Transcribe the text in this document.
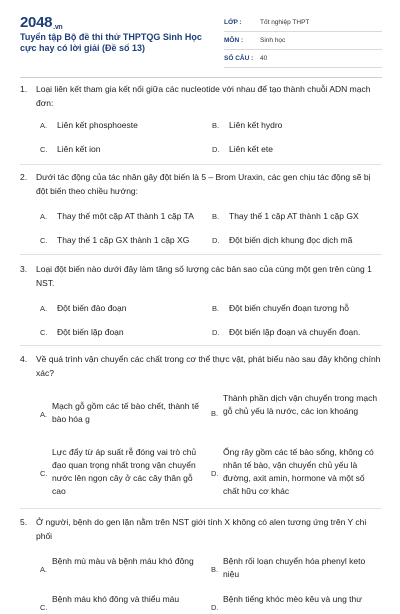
2048.vn
Tuyển tập Bộ đề thi thử THPTQG Sinh Học cực hay có lời giải (Đề số 13)
LỚP :	Tốt nghiệp THPT
MÔN :	Sinh học
SỐ CÂU : 40
1.	Loại liên kết tham gia kết nối giữa các nucleotide với nhau để tạo thành chuỗi ADN mạch đơn:
A. Liên kết phosphoeste	B. Liên kết hydro
C. Liên kết ion	D. Liên kết ete
2.	Dưới tác động của tác nhân gây đột biến là 5 – Brom Uraxin, các gen chịu tác động sẽ bị đột biến theo chiều hướng:
A. Thay thế một cặp AT thành 1 cặp TA	B. Thay thế 1 cặp AT thành 1 cặp GX
C. Thay thế 1 cặp GX thành 1 cặp XG	D. Đột biến dịch khung đọc dịch mã
3.	Loại đột biến nào dưới đây làm tăng số lượng các bản sao của cùng một gen trên cùng 1 NST.
A. Đột biến đảo đoạn	B. Đột biến chuyển đoạn tương hỗ
C. Đột biến lặp đoạn	D. Đột biến lặp đoạn và chuyển đoạn.
4.	Về quá trình vận chuyển các chất trong cơ thể thực vật, phát biểu nào sau đây không chính xác?
A.
Mạch gỗ gồm các tế bào chết, thành tế bào hóa g
B.
Thành phần dịch vận chuyển trong mạch gỗ chủ yếu là nước, các ion khoáng
C.
Lực đẩy từ áp suất rễ đóng vai trò chủ đạo quan trọng nhất trong vận chuyển nước lên ngọn cây ở các cây thân gỗ cao
D.
Ống rây gồm các tế bào sống, không có nhân tế bào, vận chuyển chủ yếu là đường, axit amin, hormone và một số chất hữu cơ khác
5.	Ở người, bệnh do gen lặn nằm trên NST giới tính X không có alen tương ứng trên Y chi phối
A.
Bệnh mù màu và bệnh máu khó đông
B.
Bệnh rối loạn chuyển hóa phenyl keto niệu
C.
Bệnh máu khó đông và thiểu máu
D.
Bệnh tiếng khóc mèo kêu và ung thư
